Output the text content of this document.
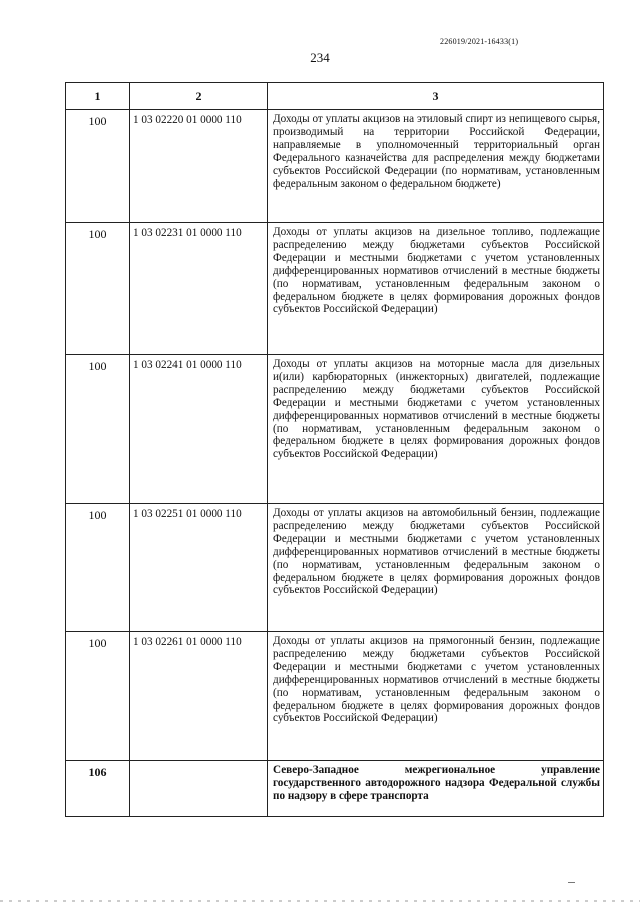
226019/2021-16433(1)
234
1	2	3
100	1 03 02220 01 0000 110	Доходы от уплаты акцизов на этиловый спирт из непищевого сырья, производимый на территории Российской Федерации, направляемые в уполномоченный территориальный орган Федерального казначейства для распределения между бюджетами субъектов Российской Федерации (по нормативам, установленным федеральным законом о федеральном бюджете)
100	1 03 02231 01 0000 110	Доходы от уплаты акцизов на дизельное топливо, подлежащие распределению между бюджетами субъектов Российской Федерации и местными бюджетами с учетом установленных дифференцированных нормативов отчислений в местные бюджеты (по нормативам, установленным федеральным законом о федеральном бюджете в целях формирования дорожных фондов субъектов Российской Федерации)
100	1 03 02241 01 0000 110	Доходы от уплаты акцизов на моторные масла для дизельных и(или) карбюраторных (инжекторных) двигателей, подлежащие распределению между бюджетами субъектов Российской Федерации и местными бюджетами с учетом установленных дифференцированных нормативов отчислений в местные бюджеты (по нормативам, установленным федеральным законом о федеральном бюджете в целях формирования дорожных фондов субъектов Российской Федерации)
100	1 03 02251 01 0000 110	Доходы от уплаты акцизов на автомобильный бензин, подлежащие распределению между бюджетами субъектов Российской Федерации и местными бюджетами с учетом установленных дифференцированных нормативов отчислений в местные бюджеты (по нормативам, установленным федеральным законом о федеральном бюджете в целях формирования дорожных фондов субъектов Российской Федерации)
100	1 03 02261 01 0000 110	Доходы от уплаты акцизов на прямогонный бензин, подлежащие распределению между бюджетами субъектов Российской Федерации и местными бюджетами с учетом установленных дифференцированных нормативов отчислений в местные бюджеты (по нормативам, установленным федеральным законом о федеральном бюджете в целях формирования дорожных фондов субъектов Российской Федерации)
106		Северо-Западное межрегиональное управление государственного автодорожного надзора Федеральной службы по надзору в сфере транспорта
